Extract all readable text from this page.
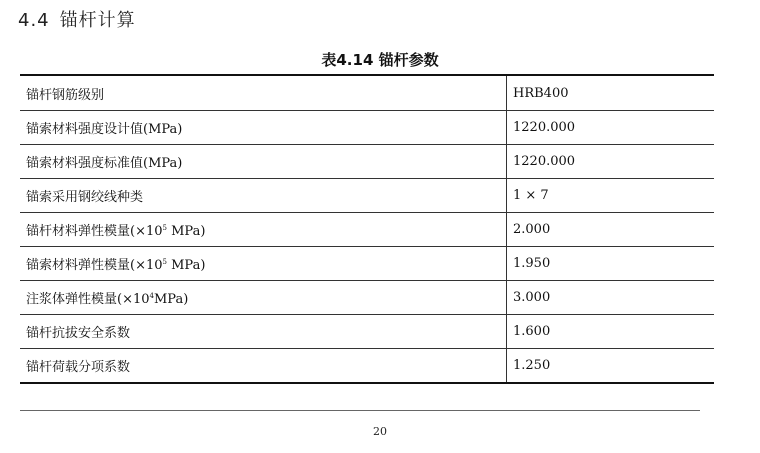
4.4 锚杆计算
表4.14 锚杆参数
锚杆钢筋级别	HRB400
锚索材料强度设计值(MPa)	1220.000
锚索材料强度标准值(MPa)	1220.000
锚索采用钢绞线种类	1 × 7
锚杆材料弹性模量($\times 10^5$ MPa)	2.000
锚索材料弹性模量($\times 10^5$ MPa)	1.950
注浆体弹性模量$(\times 10^4MPa)$	3.000
锚杆抗拔安全系数	1.600
锚杆荷载分项系数	1.250
20
